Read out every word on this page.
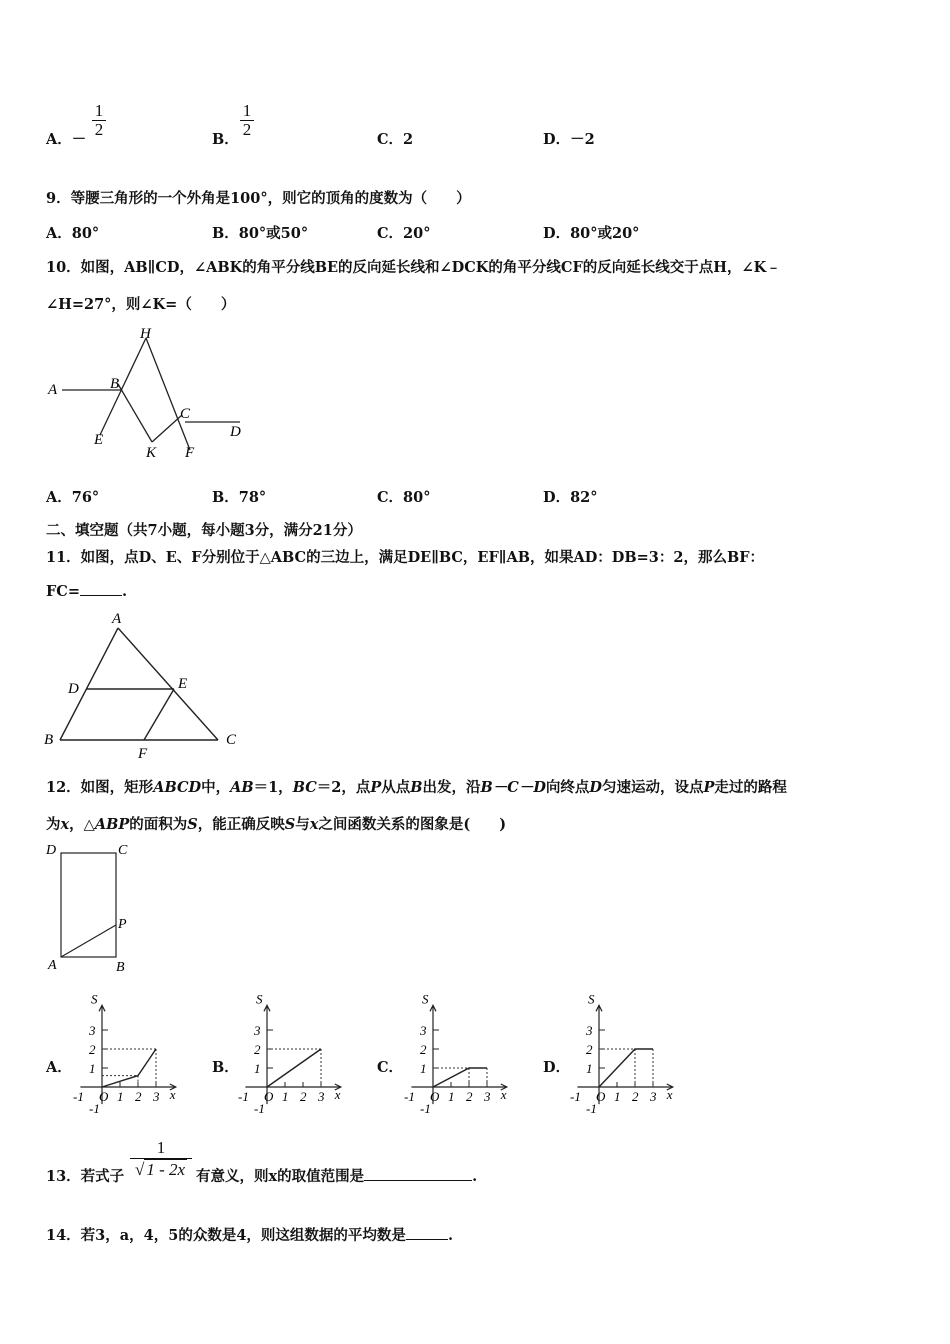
A．－
$\frac{1}{2}$
B．
$\frac{1}{2}$
C．2	D．－2
9．等腰三角形的一个外角是100°，则它的顶角的度数为（　　）
A．80°	B．80°或50°	C．20°	D．80°或20°
10．如图，AB∥CD，∠ABK的角平分线BE的反向延长线和∠DCK的角平分线CF的反向延长线交于点H，∠K﹣
∠H=27°，则∠K=（　　）
A	B
H
C
D
E
K F
A．76°	B．78°	C．80°	D．82°
二、填空题（共7小题，每小题3分，满分21分）
11．如图，点D、E、F分别位于△ABC的三边上，满足DE∥BC，EF∥AB，如果AD：DB=3：2，那么BF：
FC=	.
A
B	C
D	E
F
12．如图，矩形ABCD中，AB＝1，BC＝2，点P从点B出发，沿B－C－D向终点D匀速运动，设点P走过的路程
为x，△ABP的面积为S，能正确反映S与x之间函数关系的图象是(　　)
D	C
A	B
P
A．	B．	C．	D．
3
2
1
S
x
-1 O
-1
1 2 3
3
2
1
S
x
-1 O
-1
1 2 3
3
2
1
S
x
-1 O
-1
1 2 3
3
2
1
S
x
-1 O
-1
1 2 3
13．若式子 $\frac{1}{√ 1 - 2x}$ 有意义，则x的取值范围是	.
14．若3，a，4，5的众数是4，则这组数据的平均数是	.
